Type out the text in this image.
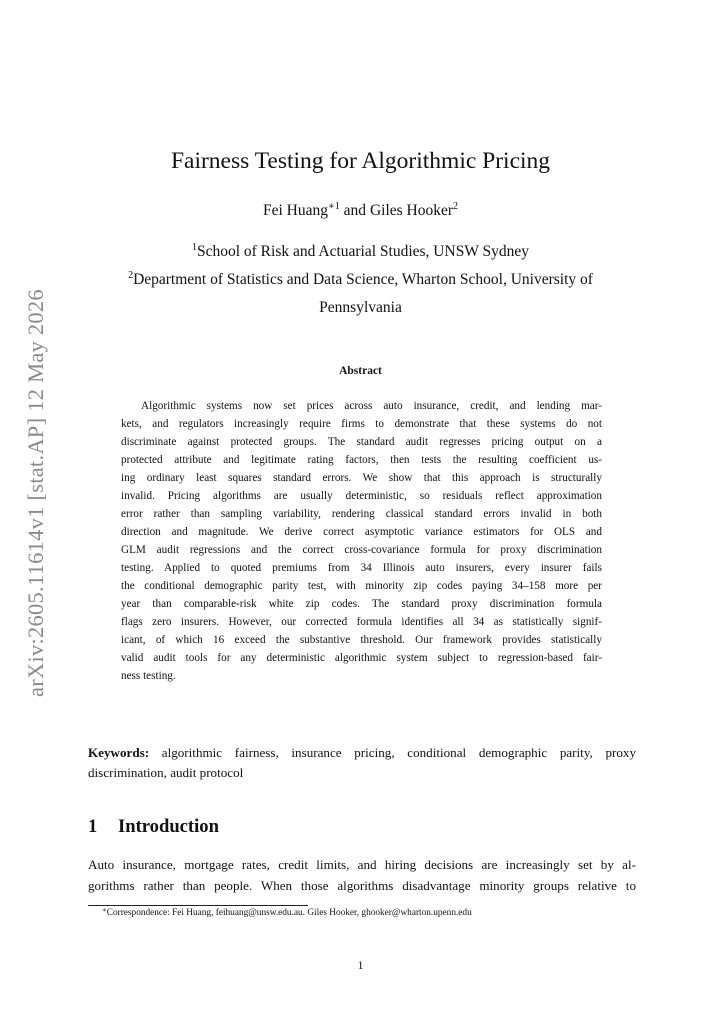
arXiv:2605.11614v1 [stat.AP] 12 May 2026
Fairness Testing for Algorithmic Pricing
Fei Huang$^{∗1}$ and Giles Hooker$^2$
$^1$School of Risk and Actuarial Studies, UNSW Sydney
$^2$Department of Statistics and Data Science, Wharton School, University of
Pennsylvania
Abstract
Algorithmic systems now set prices across auto insurance, credit, and lending mar-
kets, and regulators increasingly require firms to demonstrate that these systems do not
discriminate against protected groups. The standard audit regresses pricing output on a
protected attribute and legitimate rating factors, then tests the resulting coefficient us-
ing ordinary least squares standard errors. We show that this approach is structurally
invalid. Pricing algorithms are usually deterministic, so residuals reflect approximation
error rather than sampling variability, rendering classical standard errors invalid in both
direction and magnitude. We derive correct asymptotic variance estimators for OLS and
GLM audit regressions and the correct cross-covariance formula for proxy discrimination
testing. Applied to quoted premiums from 34 Illinois auto insurers, every insurer fails
the conditional demographic parity test, with minority zip codes paying 34–158 more per
year than comparable-risk white zip codes. The standard proxy discrimination formula
flags zero insurers. However, our corrected formula identifies all 34 as statistically signif-
icant, of which 16 exceed the substantive threshold. Our framework provides statistically
valid audit tools for any deterministic algorithmic system subject to regression-based fair-
ness testing.
Keywords: algorithmic fairness, insurance pricing, conditional demographic parity, proxy
discrimination, audit protocol
1 Introduction
Auto insurance, mortgage rates, credit limits, and hiring decisions are increasingly set by al-
gorithms rather than people. When those algorithms disadvantage minority groups relative to
∗Correspondence: Fei Huang, feihuang@unsw.edu.au. Giles Hooker, ghooker@wharton.upenn.edu
1
